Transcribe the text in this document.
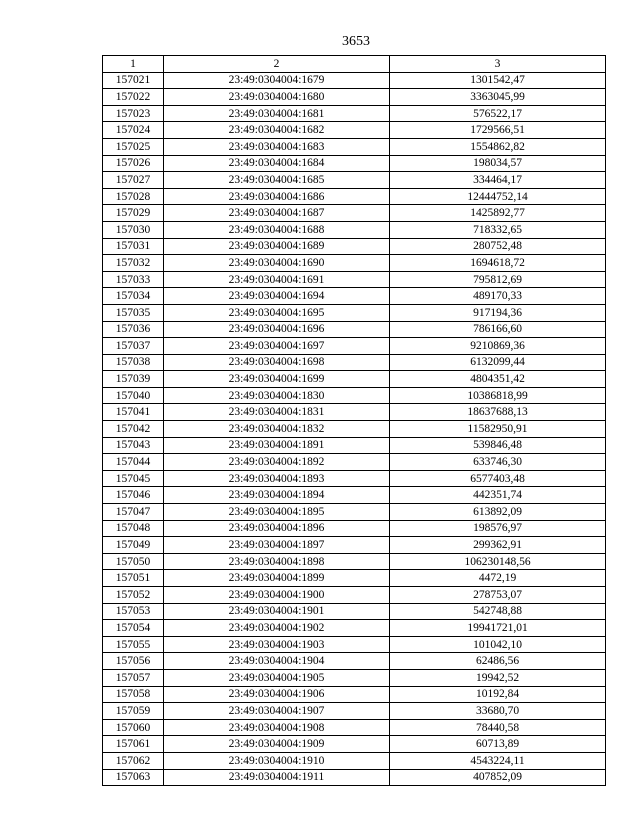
3653
1	2	3
157021	23:49:0304004:1679	1301542,47
157022	23:49:0304004:1680	3363045,99
157023	23:49:0304004:1681	576522,17
157024	23:49:0304004:1682	1729566,51
157025	23:49:0304004:1683	1554862,82
157026	23:49:0304004:1684	198034,57
157027	23:49:0304004:1685	334464,17
157028	23:49:0304004:1686	12444752,14
157029	23:49:0304004:1687	1425892,77
157030	23:49:0304004:1688	718332,65
157031	23:49:0304004:1689	280752,48
157032	23:49:0304004:1690	1694618,72
157033	23:49:0304004:1691	795812,69
157034	23:49:0304004:1694	489170,33
157035	23:49:0304004:1695	917194,36
157036	23:49:0304004:1696	786166,60
157037	23:49:0304004:1697	9210869,36
157038	23:49:0304004:1698	6132099,44
157039	23:49:0304004:1699	4804351,42
157040	23:49:0304004:1830	10386818,99
157041	23:49:0304004:1831	18637688,13
157042	23:49:0304004:1832	11582950,91
157043	23:49:0304004:1891	539846,48
157044	23:49:0304004:1892	633746,30
157045	23:49:0304004:1893	6577403,48
157046	23:49:0304004:1894	442351,74
157047	23:49:0304004:1895	613892,09
157048	23:49:0304004:1896	198576,97
157049	23:49:0304004:1897	299362,91
157050	23:49:0304004:1898	106230148,56
157051	23:49:0304004:1899	4472,19
157052	23:49:0304004:1900	278753,07
157053	23:49:0304004:1901	542748,88
157054	23:49:0304004:1902	19941721,01
157055	23:49:0304004:1903	101042,10
157056	23:49:0304004:1904	62486,56
157057	23:49:0304004:1905	19942,52
157058	23:49:0304004:1906	10192,84
157059	23:49:0304004:1907	33680,70
157060	23:49:0304004:1908	78440,58
157061	23:49:0304004:1909	60713,89
157062	23:49:0304004:1910	4543224,11
157063	23:49:0304004:1911	407852,09
